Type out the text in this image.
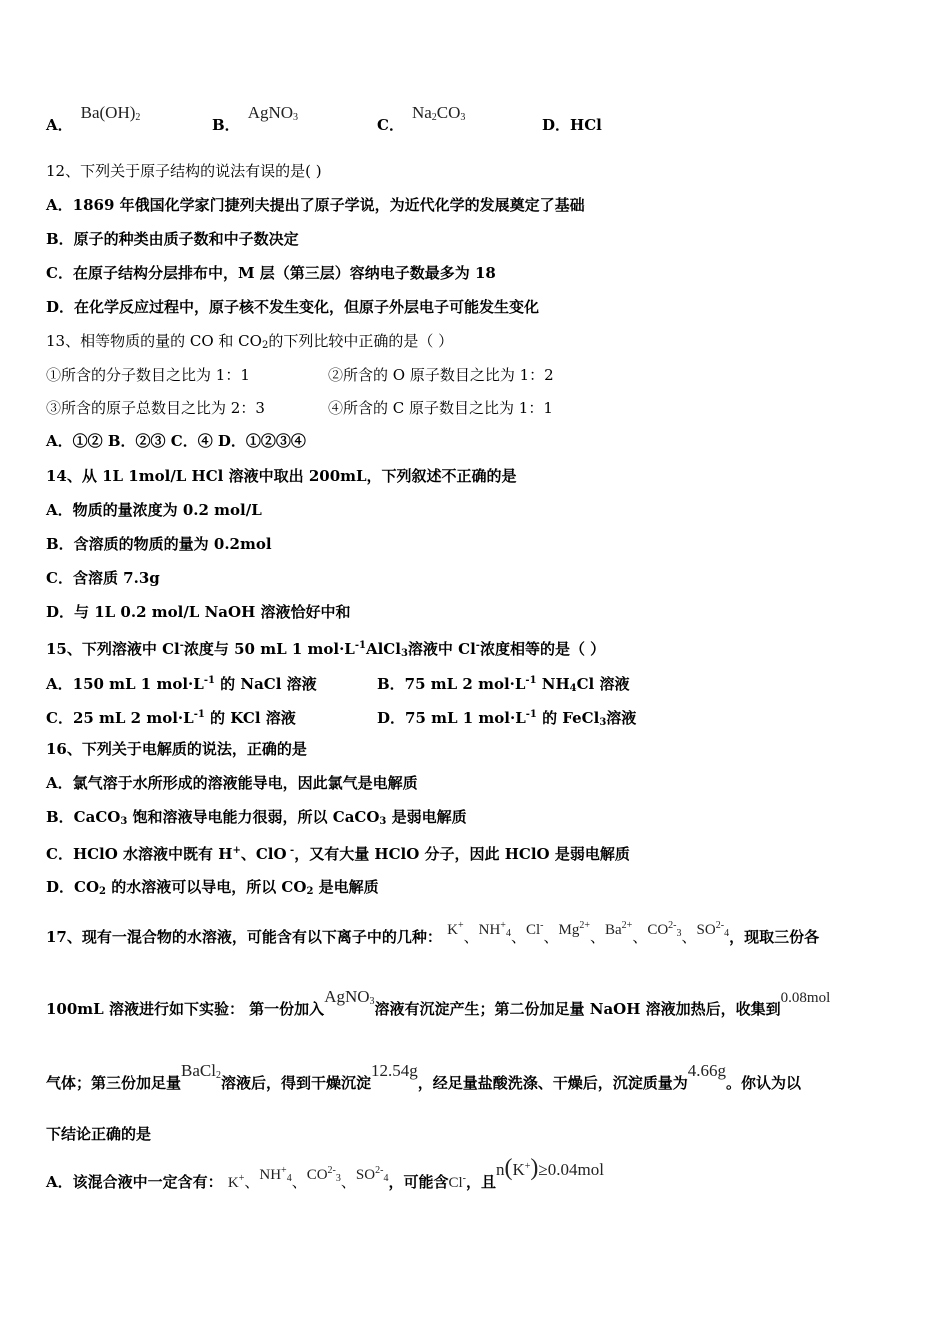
A．$Ba(OH)_2$	B．AgNO$_3$	C．$Na_2CO_3$	D．HCl
12、下列关于原子结构的说法有误的是( )
A．1869 年俄国化学家门捷列夫提出了原子学说，为近代化学的发展奠定了基础
B．原子的种类由质子数和中子数决定
C．在原子结构分层排布中，M 层（第三层）容纳电子数最多为 18
D．在化学反应过程中，原子核不发生变化，但原子外层电子可能发生变化
13、相等物质的量的 CO 和 $CO_2$的下列比较中正确的是（ ）
①所含的分子数目之比为 1：1	②所含的 O 原子数目之比为 1：2
③所含的原子总数目之比为 2：3	④所含的 C 原子数目之比为 1：1
A．①② B．②③ C．④ D．①②③④
14、从 1L 1mol/L HCl 溶液中取出 200mL，下列叙述不正确的是
A．物质的量浓度为 0.2 mol/L
B．含溶质的物质的量为 0.2mol
C．含溶质 7.3g
D．与 1L 0.2 mol/L NaOH 溶液恰好中和
15、下列溶液中 Cl-浓度与 50 mL 1 $mol\cdot L^{-1}AlCl_3$溶液中 Cl-浓度相等的是（ ）
A．150 mL 1 $mol\cdot L^{-1}$ 的 NaCl 溶液	B．75 mL 2 $mol\cdot L^{-1}$ $NH_4Cl$ 溶液
C．25 mL 2 $mol\cdot L^{-1}$ 的 KCl 溶液	D．75 mL 1 $mol\cdot L^{-1}$ 的 FeCl$_3$溶液
16、下列关于电解质的说法，正确的是
A．氯气溶于水所形成的溶液能导电，因此氯气是电解质
B．CaCO$_3$ 饱和溶液导电能力很弱，所以 CaCO$_3$ 是弱电解质
C．HClO 水溶液中既有 H+、ClO -，又有大量 HClO 分子，因此 HClO 是弱电解质
D．$CO_2$ 的水溶液可以导电，所以 $CO_2$ 是电解质
17、现有一混合物的水溶液，可能含有以下离子中的几种： K+、$NH^+_4$、Cl-、$Mg^{2+}$、$Ba^{2+}$、$CO^{2-}_3$、$SO^{2-}_4$，现取三份各
100mL 溶液进行如下实验： 第一份加入AgNO$_3$溶液有沉淀产生；第二份加足量 NaOH 溶液加热后，收集到0.08mol
气体；第三份加足量BaCl$_2$溶液后，得到干燥沉淀12.54g，经足量盐酸洗涤、干燥后，沉淀质量为4.66g。你认为以
下结论正确的是
A．该混合液中一定含有： K+、$NH^+_4$、$CO^{2-}_3$、$SO^{2-}_4$，可能含Cl-，且n(K+)≥0.04mol
